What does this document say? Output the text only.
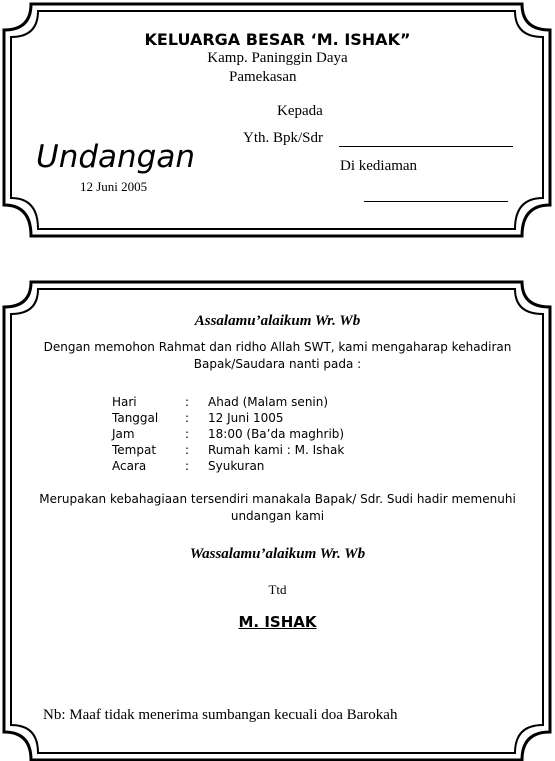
KELUARGA BESAR ‘M. ISHAK”
Kamp. Paninggin Daya
Pamekasan
Undangan
12 Juni 2005
Kepada
Yth. Bpk/Sdr
Di kediaman
Assalamu’alaikum Wr. Wb
Dengan memohon Rahmat dan ridho Allah SWT, kami mengaharap kehadiran
Bapak/Saudara nanti pada :
Hari	: Ahad (Malam senin)
Tanggal : 12 Juni 1005
Jam	: 18:00 (Ba’da maghrib)
Tempat : Rumah kami : M. Ishak
Acara	: Syukuran
Merupakan kebahagiaan tersendiri manakala Bapak/ Sdr. Sudi hadir memenuhi
undangan kami
Wassalamu’alaikum Wr. Wb
Ttd
M. ISHAK
Nb: Maaf tidak menerima sumbangan kecuali doa Barokah
